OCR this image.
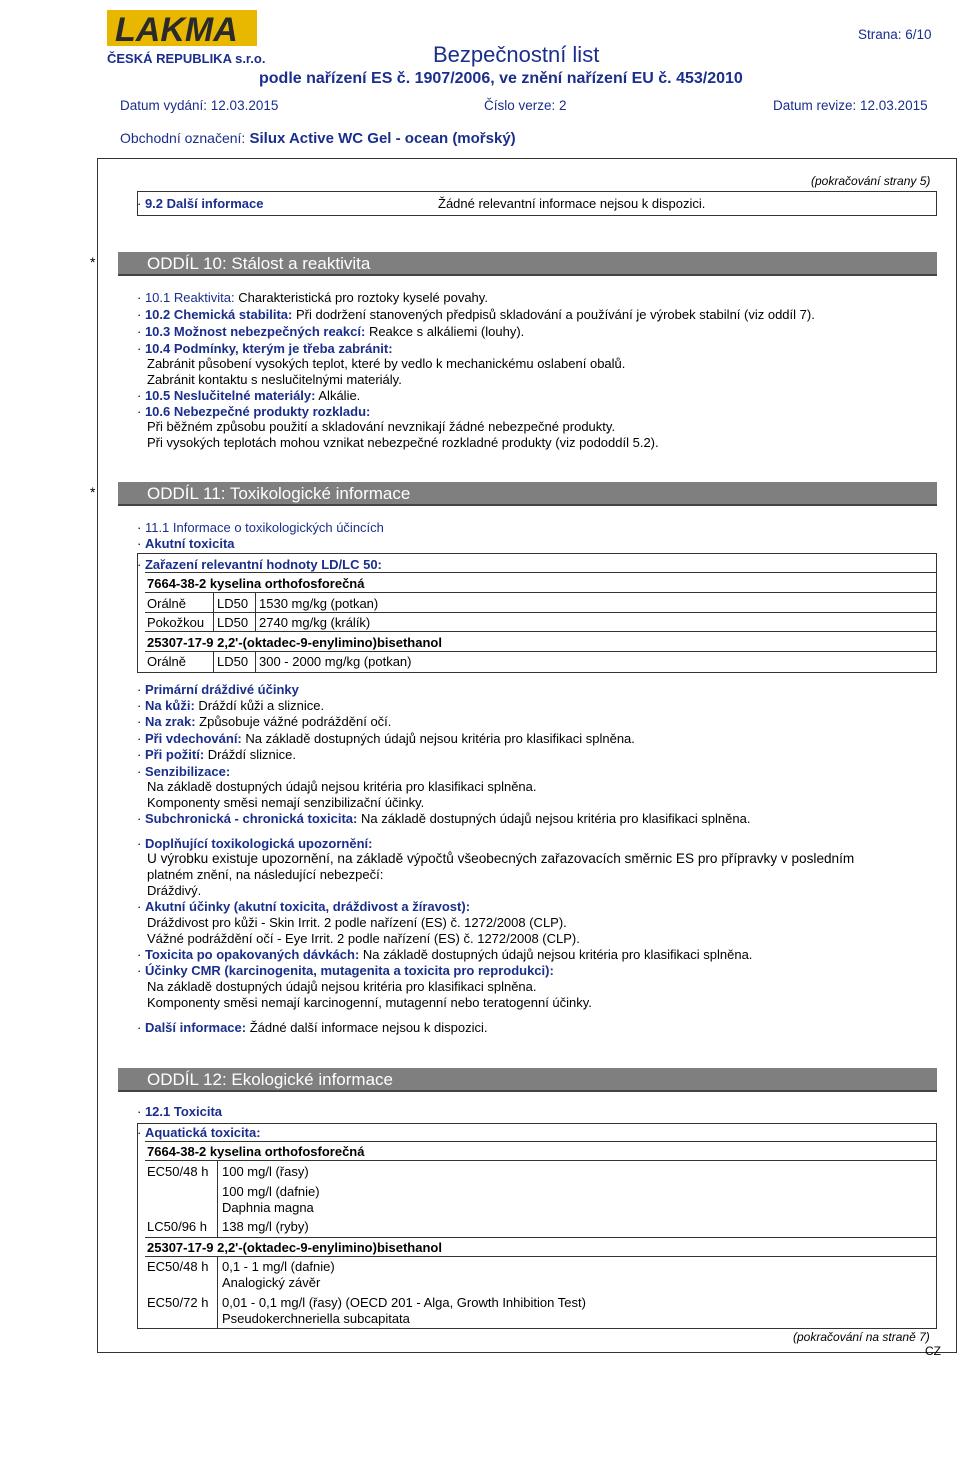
LAKMA
ČESKÁ REPUBLIKA s.r.o.	Bezpečnostní list
podle nařízení ES č. 1907/2006, ve znění nařízení EU č. 453/2010
Strana: 6/10
Datum vydání: 12.03.2015	Číslo verze: 2	Datum revize: 12.03.2015
Obchodní označení: Silux Active WC Gel - ocean (mořský)
(pokračování strany 5)
· 9.2 Další informace	Žádné relevantní informace nejsou k dispozici.
*	ODDÍL 10: Stálost a reaktivita
· 10.1 Reaktivita: Charakteristická pro roztoky kyselé povahy.
· 10.2 Chemická stabilita: Při dodržení stanovených předpisů skladování a používání je výrobek stabilní (viz oddíl 7).
· 10.3 Možnost nebezpečných reakcí: Reakce s alkáliemi (louhy).
· 10.4 Podmínky, kterým je třeba zabránit:
Zabránit působení vysokých teplot, které by vedlo k mechanickému oslabení obalů.
Zabránit kontaktu s neslučitelnými materiály.
· 10.5 Neslučitelné materiály: Alkálie.
· 10.6 Nebezpečné produkty rozkladu:
Při běžném způsobu použití a skladování nevznikají žádné nebezpečné produkty.
Při vysokých teplotách mohou vznikat nebezpečné rozkladné produkty (viz pododdíl 5.2).
*	ODDÍL 11: Toxikologické informace
· 11.1 Informace o toxikologických účincích
· Akutní toxicita
· Zařazení relevantní hodnoty LD/LC 50:
7664-38-2 kyselina orthofosforečná
Orálně LD50 1530 mg/kg (potkan)
Pokožkou LD50 2740 mg/kg (králík)
25307-17-9 2,2'-(oktadec-9-enylimino)bisethanol
Orálně LD50 300 - 2000 mg/kg (potkan)
· Primární dráždivé účinky
· Na kůži: Dráždí kůži a sliznice.
· Na zrak: Způsobuje vážné podráždění očí.
· Při vdechování: Na základě dostupných údajů nejsou kritéria pro klasifikaci splněna.
· Při požití: Dráždí sliznice.
· Senzibilizace:
Na základě dostupných údajů nejsou kritéria pro klasifikaci splněna.
Komponenty směsi nemají senzibilizační účinky.
· Subchronická - chronická toxicita: Na základě dostupných údajů nejsou kritéria pro klasifikaci splněna.
· Doplňující toxikologická upozornění:
U výrobku existuje upozornění, na základě výpočtů všeobecných zařazovacích směrnic ES pro přípravky v posledním
platném znění, na následující nebezpečí:
Dráždivý.
· Akutní účinky (akutní toxicita, dráždivost a žíravost):
Dráždivost pro kůži - Skin Irrit. 2 podle nařízení (ES) č. 1272/2008 (CLP).
Vážné podráždění očí - Eye Irrit. 2 podle nařízení (ES) č. 1272/2008 (CLP).
· Toxicita po opakovaných dávkách: Na základě dostupných údajů nejsou kritéria pro klasifikaci splněna.
· Účinky CMR (karcinogenita, mutagenita a toxicita pro reprodukci):
Na základě dostupných údajů nejsou kritéria pro klasifikaci splněna.
Komponenty směsi nemají karcinogenní, mutagenní nebo teratogenní účinky.
· Další informace: Žádné další informace nejsou k dispozici.
ODDÍL 12: Ekologické informace
· 12.1 Toxicita
· Aquatická toxicita:
7664-38-2 kyselina orthofosforečná
EC50/48 h 100 mg/l (řasy)
100 mg/l (dafnie)
Daphnia magna
LC50/96 h 138 mg/l (ryby)
25307-17-9 2,2'-(oktadec-9-enylimino)bisethanol
EC50/48 h 0,1 - 1 mg/l (dafnie)
Analogický závěr
EC50/72 h 0,01 - 0,1 mg/l (řasy) (OECD 201 - Alga, Growth Inhibition Test)
Pseudokerchneriella subcapitata
(pokračování na straně 7)
CZ
